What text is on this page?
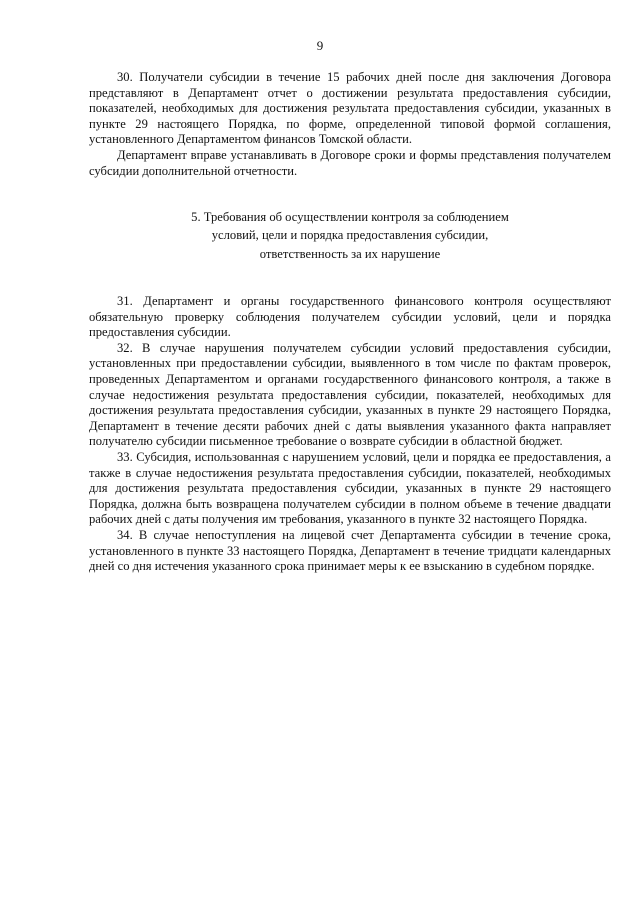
9

30. Получатели субсидии в течение 15 рабочих дней после дня заключения Договора представляют в Департамент отчет о достижении результата предоставления субсидии, показателей, необходимых для достижения результата предоставления субсидии, указанных в пункте 29 настоящего Порядка, по форме, определенной типовой формой соглашения, установленного Департаментом финансов Томской области.

Департамент вправе устанавливать в Договоре сроки и формы представления получателем субсидии дополнительной отчетности.

5. Требования об осуществлении контроля за соблюдением
условий, цели и порядка предоставления субсидии,
ответственность за их нарушение

31. Департамент и органы государственного финансового контроля осуществляют обязательную проверку соблюдения получателем субсидии условий, цели и порядка предоставления субсидии.

32. В случае нарушения получателем субсидии условий предоставления субсидии, установленных при предоставлении субсидии, выявленного в том числе по фактам проверок, проведенных Департаментом и органами государственного финансового контроля, а также в случае недостижения результата предоставления субсидии, показателей, необходимых для достижения результата предоставления субсидии, указанных в пункте 29 настоящего Порядка, Департамент в течение десяти рабочих дней с даты выявления указанного факта направляет получателю субсидии письменное требование о возврате субсидии в областной бюджет.

33. Субсидия, использованная с нарушением условий, цели и порядка ее предоставления, а также в случае недостижения результата предоставления субсидии, показателей, необходимых для достижения результата предоставления субсидии, указанных в пункте 29 настоящего Порядка, должна быть возвращена получателем субсидии в полном объеме в течение двадцати рабочих дней с даты получения им требования, указанного в пункте 32 настоящего Порядка.

34. В случае непоступления на лицевой счет Департамента субсидии в течение срока, установленного в пункте 33 настоящего Порядка, Департамент в течение тридцати календарных дней со дня истечения указанного срока принимает меры к ее взысканию в судебном порядке.
